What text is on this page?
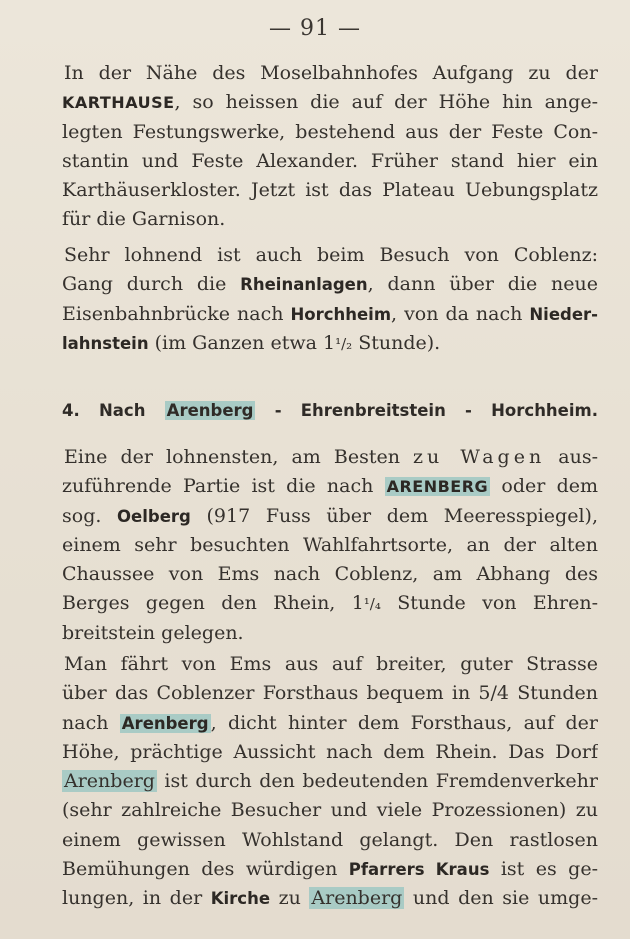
— 91 —
In der Nähe des Moselbahnhofes Aufgang zu der
KARTHAUSE, so heissen die auf der Höhe hin ange-
legten Festungswerke, bestehend aus der Feste Con-
stantin und Feste Alexander. Früher stand hier ein
Karthäuserkloster. Jetzt ist das Plateau Uebungsplatz
für die Garnison.
Sehr lohnend ist auch beim Besuch von Coblenz:
Gang durch die Rheinanlagen, dann über die neue
Eisenbahnbrücke nach Horchheim, von da nach Nieder-
lahnstein (im Ganzen etwa 1¹/₂ Stunde).
4. Nach Arenberg - Ehrenbreitstein - Horchheim.
Eine der lohnensten, am Besten zu Wagen aus-
zuführende Partie ist die nach ARENBERG oder dem
sog. Oelberg (917 Fuss über dem Meeresspiegel),
einem sehr besuchten Wahlfahrtsorte, an der alten
Chaussee von Ems nach Coblenz, am Abhang des
Berges gegen den Rhein, 1¹/₄ Stunde von Ehren-
breitstein gelegen.
Man fährt von Ems aus auf breiter, guter Strasse
über das Coblenzer Forsthaus bequem in 5/4 Stunden
nach Arenberg , dicht hinter dem Forsthaus, auf der
Höhe, prächtige Aussicht nach dem Rhein. Das Dorf
Arenberg ist durch den bedeutenden Fremdenverkehr
(sehr zahlreiche Besucher und viele Prozessionen) zu
einem gewissen Wohlstand gelangt. Den rastlosen
Bemühungen des würdigen Pfarrers Kraus ist es ge-
lungen, in der Kirche zu Arenberg und den sie umge-
